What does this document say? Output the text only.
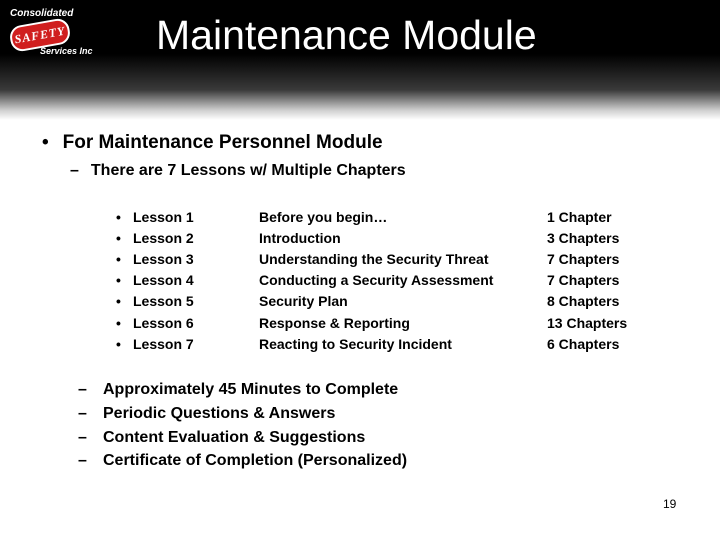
Consolidated
SAFETY
Services Inc Maintenance Module
• For Maintenance Personnel Module
– There are 7 Lessons w/ Multiple Chapters
•	Lesson 1	Before you begin…	1 Chapter
•	Lesson 2	Introduction	3 Chapters
•	Lesson 3	Understanding the Security Threat	7 Chapters
•	Lesson 4	Conducting a Security Assessment	7 Chapters
•	Lesson 5	Security Plan	8 Chapters
•	Lesson 6	Response & Reporting	13 Chapters
•	Lesson 7	Reacting to Security Incident	6 Chapters
– Approximately 45 Minutes to Complete
– Periodic Questions & Answers
– Content Evaluation & Suggestions
– Certificate of Completion (Personalized)
19
